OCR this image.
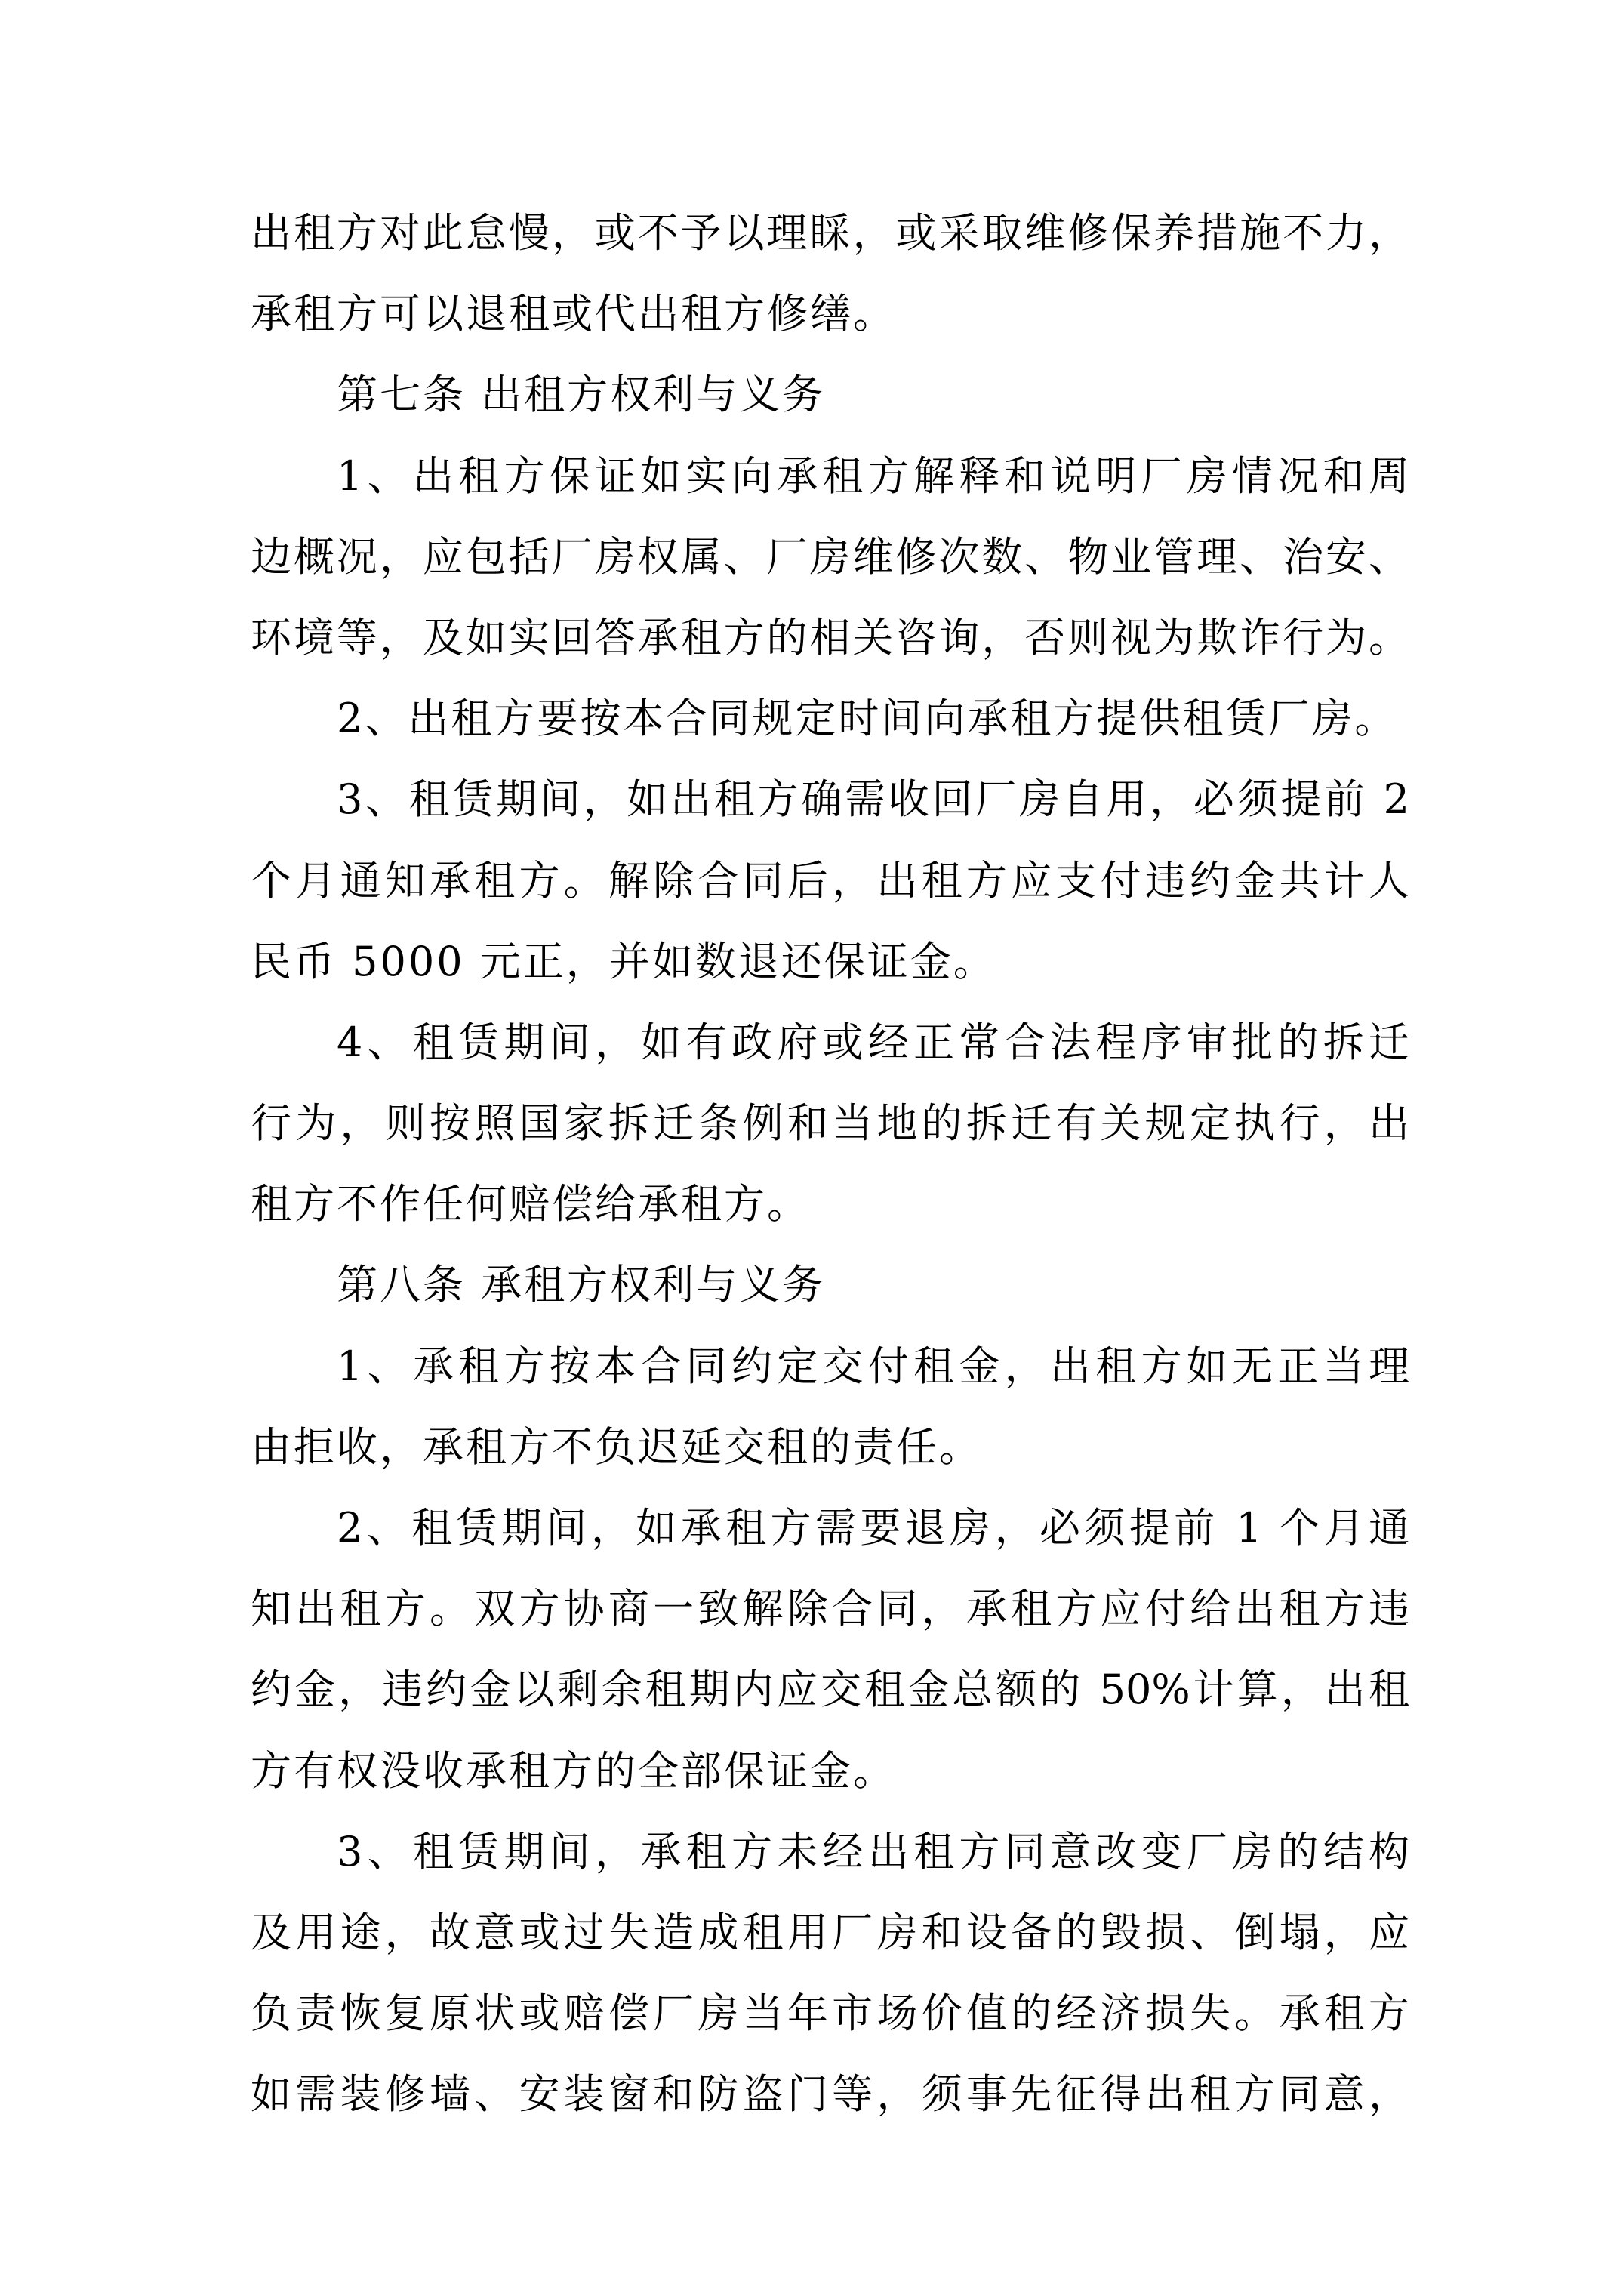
出租方对此怠慢，或不予以理睬，或采取维修保养措施不力，
承租方可以退租或代出租方修缮。
第七条 出租方权利与义务
1、出租方保证如实向承租方解释和说明厂房情况和周
边概况，应包括厂房权属、厂房维修次数、物业管理、治安、
环境等，及如实回答承租方的相关咨询，否则视为欺诈行为。
2、出租方要按本合同规定时间向承租方提供租赁厂房。
3、租赁期间，如出租方确需收回厂房自用，必须提前 2
个月通知承租方。解除合同后，出租方应支付违约金共计人
民币 5000 元正，并如数退还保证金。
4、租赁期间，如有政府或经正常合法程序审批的拆迁
行为，则按照国家拆迁条例和当地的拆迁有关规定执行，出
租方不作任何赔偿给承租方。
第八条 承租方权利与义务
1、承租方按本合同约定交付租金，出租方如无正当理
由拒收，承租方不负迟延交租的责任。
2、租赁期间，如承租方需要退房，必须提前 1 个月通
知出租方。双方协商一致解除合同，承租方应付给出租方违
约金，违约金以剩余租期内应交租金总额的 50%计算，出租
方有权没收承租方的全部保证金。
3、租赁期间，承租方未经出租方同意改变厂房的结构
及用途，故意或过失造成租用厂房和设备的毁损、倒塌，应
负责恢复原状或赔偿厂房当年市场价值的经济损失。承租方
如需装修墙、安装窗和防盗门等，须事先征得出租方同意，
